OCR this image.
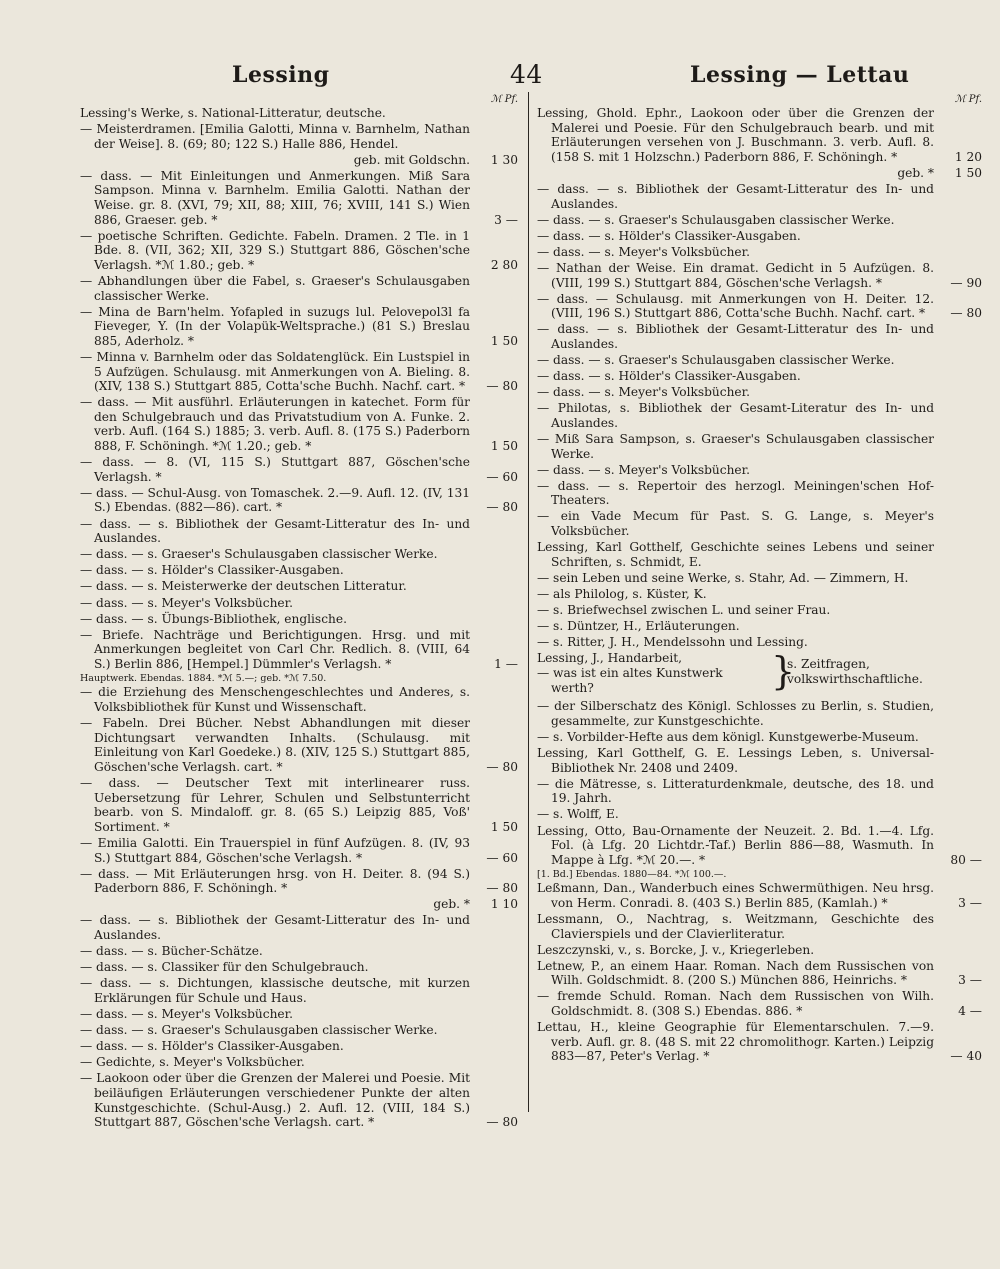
Lessing	44	Lessing — Lettau
ℳ Pf.
Lessing's Werke, s. National-Litteratur, deutsche.
— Meisterdramen. [Emilia Galotti, Minna v. Barnhelm, Nathan der Weise]. 8. (69; 80; 122 S.) Halle 886, Hendel.
geb. mit Goldschn.	1 30
— dass. — Mit Einleitungen und Anmerkungen. Miß Sara Sampson. Minna v. Barnhelm. Emilia Galotti. Nathan der Weise. gr. 8. (XVI, 79; XII, 88; XIII, 76; XVIII, 141 S.) Wien 886, Graeser. geb. *	3 —
— poetische Schriften. Gedichte. Fabeln. Dramen. 2 Tle. in 1 Bde. 8. (VII, 362; XII, 329 S.) Stuttgart 886, Göschen'sche Verlagsh. *ℳ 1.80.; geb. *	2 80
— Abhandlungen über die Fabel, s. Graeser's Schulausgaben classischer Werke.
— Mina de Barn'helm. Yofapled in suzugs lul. Pelovepol3l fa Fieveger, Y. (In der Volapük-Weltsprache.) (81 S.) Breslau 885, Aderholz. *	1 50
— Minna v. Barnhelm oder das Soldatenglück. Ein Lustspiel in 5 Aufzügen. Schulausg. mit Anmerkungen von A. Bieling. 8. (XIV, 138 S.) Stuttgart 885, Cotta'sche Buchh. Nachf. cart. *	— 80
— dass. — Mit ausführl. Erläuterungen in katechet. Form für den Schulgebrauch und das Privatstudium von A. Funke. 2. verb. Aufl. (164 S.) 1885; 3. verb. Aufl. 8. (175 S.) Paderborn 888, F. Schöningh. *ℳ 1.20.; geb. *	1 50
— dass. — 8. (VI, 115 S.) Stuttgart 887, Göschen'sche Verlagsh. *	— 60
— dass. — Schul-Ausg. von Tomaschek. 2.—9. Aufl. 12. (IV, 131 S.) Ebendas. (882—86). cart. *	— 80
— dass. — s. Bibliothek der Gesamt-Litteratur des In- und Auslandes.
— dass. — s. Graeser's Schulausgaben classischer Werke.
— dass. — s. Hölder's Classiker-Ausgaben.
— dass. — s. Meisterwerke der deutschen Litteratur.
— dass. — s. Meyer's Volksbücher.
— dass. — s. Übungs-Bibliothek, englische.
— Briefe. Nachträge und Berichtigungen. Hrsg. und mit Anmerkungen begleitet von Carl Chr. Redlich. 8. (VIII, 64 S.) Berlin 886, [Hempel.] Dümmler's Verlagsh. *	1 —
Hauptwerk. Ebendas. 1884. *ℳ 5.—; geb. *ℳ 7.50.
— die Erziehung des Menschengeschlechtes und Anderes, s. Volksbibliothek für Kunst und Wissenschaft.
— Fabeln. Drei Bücher. Nebst Abhandlungen mit dieser Dichtungsart verwandten Inhalts. (Schulausg. mit Einleitung von Karl Goedeke.) 8. (XIV, 125 S.) Stuttgart 885, Göschen'sche Verlagsh. cart. *	— 80
— dass. — Deutscher Text mit interlinearer russ. Uebersetzung für Lehrer, Schulen und Selbstunterricht bearb. von S. Mindaloff. gr. 8. (65 S.) Leipzig 885, Voß' Sortiment. *	1 50
— Emilia Galotti. Ein Trauerspiel in fünf Aufzügen. 8. (IV, 93 S.) Stuttgart 884, Göschen'sche Verlagsh. *	— 60
— dass. — Mit Erläuterungen hrsg. von H. Deiter. 8. (94 S.) Paderborn 886, F. Schöningh. *	— 80
geb. *	1 10
— dass. — s. Bibliothek der Gesamt-Litteratur des In- und Auslandes.
— dass. — s. Bücher-Schätze.
— dass. — s. Classiker für den Schulgebrauch.
— dass. — s. Dichtungen, klassische deutsche, mit kurzen Erklärungen für Schule und Haus.
— dass. — s. Meyer's Volksbücher.
— dass. — s. Graeser's Schulausgaben classischer Werke.
— dass. — s. Hölder's Classiker-Ausgaben.
— Gedichte, s. Meyer's Volksbücher.
— Laokoon oder über die Grenzen der Malerei und Poesie. Mit beiläufigen Erläuterungen verschiedener Punkte der alten Kunstgeschichte. (Schul-Ausg.) 2. Aufl. 12. (VIII, 184 S.) Stuttgart 887, Göschen'sche Verlagsh. cart. *	— 80
ℳ Pf.
Lessing, Ghold. Ephr., Laokoon oder über die Grenzen der Malerei und Poesie. Für den Schulgebrauch bearb. und mit Erläuterungen versehen von J. Buschmann. 3. verb. Aufl. 8. (158 S. mit 1 Holzschn.) Paderborn 886, F. Schöningh. *	1 20
geb. *	1 50
— dass. — s. Bibliothek der Gesamt-Litteratur des In- und Auslandes.
— dass. — s. Graeser's Schulausgaben classischer Werke.
— dass. — s. Hölder's Classiker-Ausgaben.
— dass. — s. Meyer's Volksbücher.
— Nathan der Weise. Ein dramat. Gedicht in 5 Aufzügen. 8. (VIII, 199 S.) Stuttgart 884, Göschen'sche Verlagsh. *	— 90
— dass. — Schulausg. mit Anmerkungen von H. Deiter. 12. (VIII, 196 S.) Stuttgart 886, Cotta'sche Buchh. Nachf. cart. *	— 80
— dass. — s. Bibliothek der Gesamt-Litteratur des In- und Auslandes.
— dass. — s. Graeser's Schulausgaben classischer Werke.
— dass. — s. Hölder's Classiker-Ausgaben.
— dass. — s. Meyer's Volksbücher.
— Philotas, s. Bibliothek der Gesamt-Literatur des In- und Auslandes.
— Miß Sara Sampson, s. Graeser's Schulausgaben classischer Werke.
— dass. — s. Meyer's Volksbücher.
— dass. — s. Repertoir des herzogl. Meiningen'schen Hof-Theaters.
— ein Vade Mecum für Past. S. G. Lange, s. Meyer's Volksbücher.
Lessing, Karl Gotthelf, Geschichte seines Lebens und seiner Schriften, s. Schmidt, E.
— sein Leben und seine Werke, s. Stahr, Ad. — Zimmern, H.
— als Philolog, s. Küster, K.
— s. Briefwechsel zwischen L. und seiner Frau.
— s. Düntzer, H., Erläuterungen.
— s. Ritter, J. H., Mendelssohn und Lessing.
Lessing, J., Handarbeit,
— was ist ein altes Kunstwerk
werth?	}
s. Zeitfragen, volkswirthschaftliche.
— der Silberschatz des Königl. Schlosses zu Berlin, s. Studien, gesammelte, zur Kunstgeschichte.
— s. Vorbilder-Hefte aus dem königl. Kunstgewerbe-Museum.
Lessing, Karl Gotthelf, G. E. Lessings Leben, s. Universal-Bibliothek Nr. 2408 und 2409.
— die Mätresse, s. Litteraturdenkmale, deutsche, des 18. und 19. Jahrh.
— s. Wolff, E.
Lessing, Otto, Bau-Ornamente der Neuzeit. 2. Bd. 1.—4. Lfg. Fol. (à Lfg. 20 Lichtdr.-Taf.) Berlin 886—88, Wasmuth. In Mappe à Lfg. *ℳ 20.—. *	80 —
[1. Bd.] Ebendas. 1880—84. *ℳ 100.—.
Leßmann, Dan., Wanderbuch eines Schwermüthigen. Neu hrsg. von Herm. Conradi. 8. (403 S.) Berlin 885, (Kamlah.) *	3 —
Lessmann, O., Nachtrag, s. Weitzmann, Geschichte des Clavierspiels und der Clavierliteratur.
Leszczynski, v., s. Borcke, J. v., Kriegerleben.
Letnew, P., an einem Haar. Roman. Nach dem Russischen von Wilh. Goldschmidt. 8. (200 S.) München 886, Heinrichs. *	3 —
— fremde Schuld. Roman. Nach dem Russischen von Wilh. Goldschmidt. 8. (308 S.) Ebendas. 886. *	4 —
Lettau, H., kleine Geographie für Elementarschulen. 7.—9. verb. Aufl. gr. 8. (48 S. mit 22 chromolithogr. Karten.) Leipzig 883—87, Peter's Verlag. *	— 40
